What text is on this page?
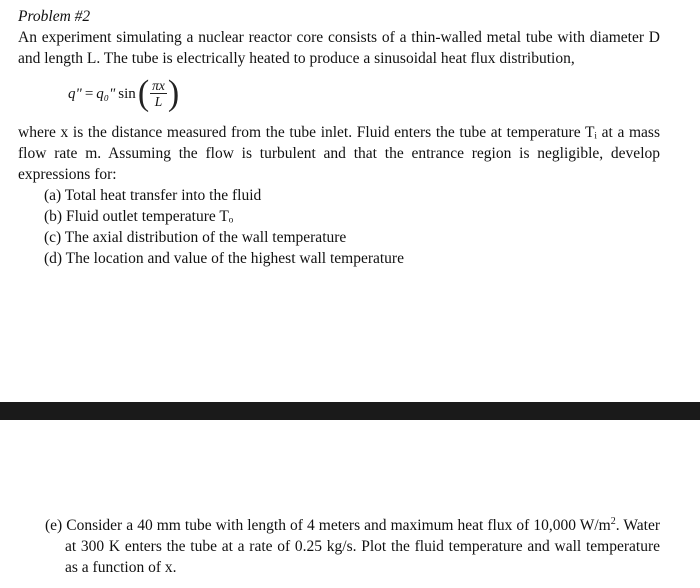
Problem #2
An experiment simulating a nuclear reactor core consists of a thin-walled metal tube with diameter D and length L. The tube is electrically heated to produce a sinusoidal heat flux distribution,
q" = q₀" sin ( $\frac{\pi x}{L}$ )
where x is the distance measured from the tube inlet. Fluid enters the tube at temperature Tᵢ at a mass flow rate m. Assuming the flow is turbulent and that the entrance region is negligible, develop expressions for:
(a) Total heat transfer into the fluid
(b) Fluid outlet temperature Tₒ
(c) The axial distribution of the wall temperature
(d) The location and value of the highest wall temperature
(e) Consider a 40 mm tube with length of 4 meters and maximum heat flux of 10,000 $W/m^2$. Water at 300 K enters the tube at a rate of 0.25 kg/s. Plot the fluid temperature and wall temperature as a function of x.
